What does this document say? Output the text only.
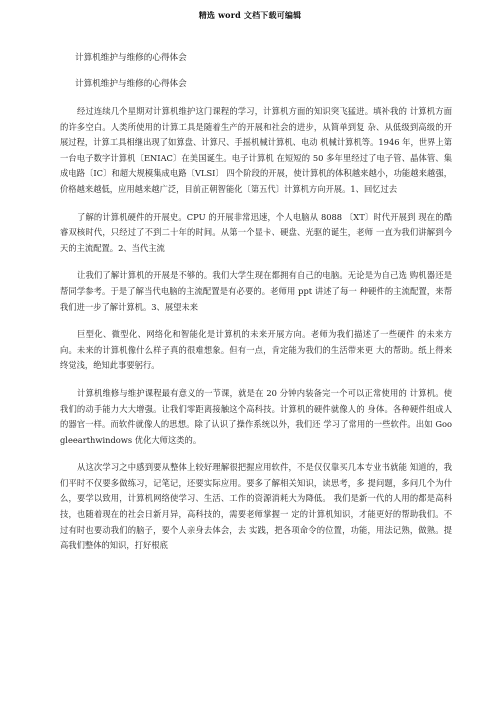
精选 word 文档下载可编辑

计算机维护与维修的心得体会

计算机维护与维修的心得体会

经过连续几个星期对计算机维护这门课程的学习，计算机方面的知识突飞猛进。填补我的 计算机方面的许多空白。人类所使用的计算工具是随着生产的开展和社会的进步，从简单到复 杂、从低级到高级的开展过程，计算工具相继出现了如算盘、计算尺、手摇机械计算机、电动 机械计算机等。1946 年，世界上第一台电子数字计算机〔ENIAC〕在美国诞生。电子计算机 在短短的 50 多年里经过了电子管、晶体管、集成电路〔IC〕和超大规模集成电路〔VLSI〕 四个阶段的开展，使计算机的体积越来越小，功能越来越强，价格越来越低，应用越来越广泛，目前正朝智能化〔第五代〕计算机方向开展。1、回忆过去

了解的计算机硬件的开展史。CPU 的开展非常迅速，个人电脑从 8088 〔XT〕时代开展到 现在的酷睿双核时代，只经过了不到二十年的时间。从第一个显卡、硬盘、光驱的诞生，老师 一直为我们讲解到今天的主流配置。2、当代主流

让我们了解计算机的开展是不够的。我们大学生现在都拥有自己的电脑。无论是为自己选 购机器还是帮同学参考。于是了解当代电脑的主流配置是有必要的。老师用 ppt 讲述了每一 种硬件的主流配置，来帮我们进一步了解计算机。3、展望未来

巨型化、微型化、网络化和智能化是计算机的未来开展方向。老师为我们描述了一些硬件 的未来方向。未来的计算机像什么样子真的很难想象。但有一点，肯定能为我们的生活带来更 大的帮助。纸上得来终觉浅，绝知此事要躬行。

计算机维修与维护课程最有意义的一节课，就是在 20 分钟内装备完一个可以正常使用的 计算机。使我们的动手能力大大增强。让我们零距离接触这个高科技。计算机的硬件就像人的 身体。各种硬件组成人的器官一样。而软件就像人的思想。除了认识了操作系统以外，我们还 学习了常用的一些软件。出如 Googleearthwindows 优化大师这类的。

从这次学习之中感到要从整体上较好理解很把握应用软件，不是仅仅靠买几本专业书就能 知道的，我们平时不仅要多做练习，记笔记，还要实际应用。要多了解相关知识，读思考，多 提问题，多问几个为什么，要学以致用，计算机网络使学习、生活、工作的资源消耗大为降低。 我们是新一代的人用的都是高科技，也随着现在的社会日新月异，高科技的，需要老师掌握一 定的计算机知识，才能更好的帮助我们。不过有时也要动我们的脑子，要个人亲身去体会，去 实践，把各项命令的位置，功能，用法记熟，做熟。提高我们整体的知识，打好根底
